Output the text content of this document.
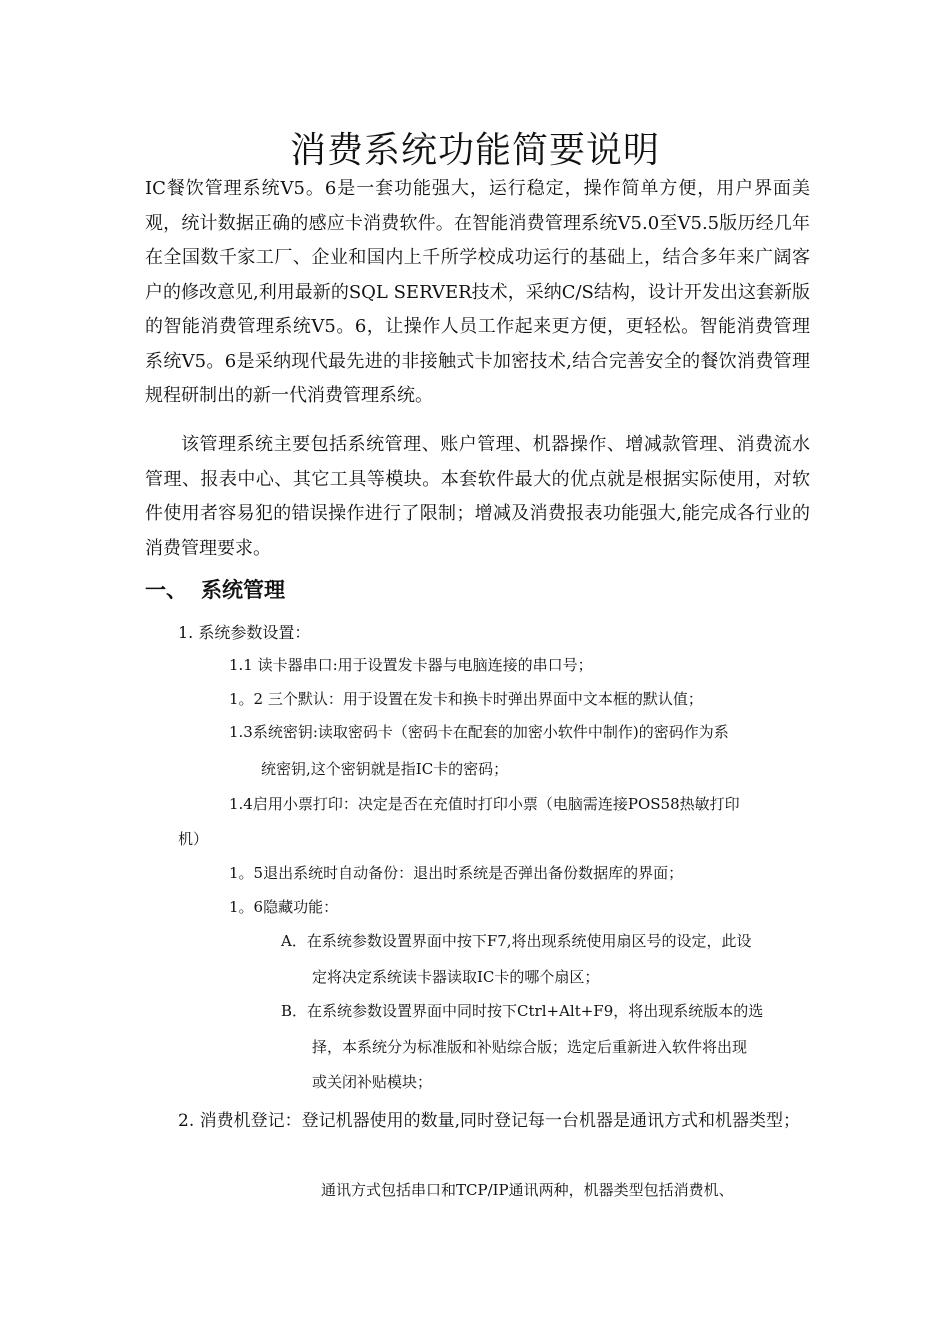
消费系统功能简要说明
IC餐饮管理系统V5。6是一套功能强大，运行稳定，操作简单方便，用户界面美观，统计数据正确的感应卡消费软件。在智能消费管理系统V5.0至V5.5版历经几年在全国数千家工厂、企业和国内上千所学校成功运行的基础上，结合多年来广阔客户的修改意见,利用最新的SQL SERVER技术，采纳C/S结构，设计开发出这套新版的智能消费管理系统V5。6，让操作人员工作起来更方便，更轻松。智能消费管理系统V5。6是采纳现代最先进的非接触式卡加密技术,结合完善安全的餐饮消费管理规程研制出的新一代消费管理系统。
该管理系统主要包括系统管理、账户管理、机器操作、增减款管理、消费流水管理、报表中心、其它工具等模块。本套软件最大的优点就是根据实际使用，对软件使用者容易犯的错误操作进行了限制；增减及消费报表功能强大,能完成各行业的消费管理要求。
一、 系统管理
1. 系统参数设置：
1.1 读卡器串口:用于设置发卡器与电脑连接的串口号；
1。2 三个默认：用于设置在发卡和换卡时弹出界面中文本框的默认值；
1.3系统密钥:读取密码卡（密码卡在配套的加密小软件中制作)的密码作为系
统密钥,这个密钥就是指IC卡的密码；
1.4启用小票打印：决定是否在充值时打印小票（电脑需连接POS58热敏打印
机）
1。5退出系统时自动备份：退出时系统是否弹出备份数据库的界面；
1。6隐藏功能：
A．在系统参数设置界面中按下F7,将出现系统使用扇区号的设定，此设
定将决定系统读卡器读取IC卡的哪个扇区；
B．在系统参数设置界面中同时按下Ctrl+Alt+F9，将出现系统版本的选
择，本系统分为标准版和补贴综合版；选定后重新进入软件将出现
或关闭补贴模块；
2. 消费机登记：登记机器使用的数量,同时登记每一台机器是通讯方式和机器类型；
通讯方式包括串口和TCP/IP通讯两种，机器类型包括消费机、
